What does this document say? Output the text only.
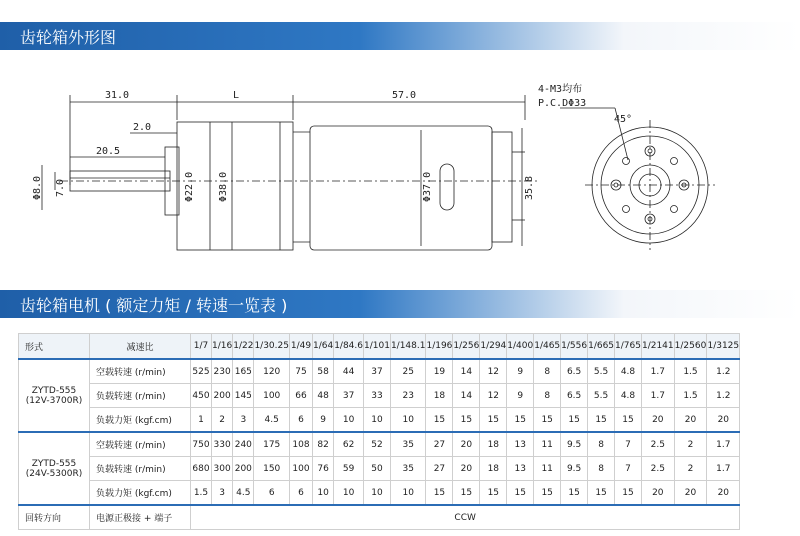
齿轮箱外形图
31.0	L	57.0
2.0
20.5
Φ8.0 7.0	Φ22.0 Φ38.0	Φ37.0	35.8
4-M3均布
P.C.DΦ33
45°
齿轮箱电机 ( 额定力矩 / 转速一览表 )
形式	减速比	1/7	1/16	1/22	1/30.25	1/49	1/64	1/84.6	1/101	1/148.1	1/196	1/256	1/294	1/400	1/465	1/556	1/665	1/765	1/2141	1/2560	1/3125

ZYTD-555
(12V-3700R)	空载转速 (r/min)	525	230	165	120	75	58	44	37	25	19	14	12	9	8	6.5	5.5	4.8	1.7	1.5	1.2
	负载转速 (r/min)	450	200	145	100	66	48	37	33	23	18	14	12	9	8	6.5	5.5	4.8	1.7	1.5	1.2
	负载力矩 (kgf.cm)	1	2	3	4.5	6	9	10	10	10	15	15	15	15	15	15	15	15	20	20	20

ZYTD-555
(24V-5300R)	空载转速 (r/min)	750	330	240	175	108	82	62	52	35	27	20	18	13	11	9.5	8	7	2.5	2	1.7
	负载转速 (r/min)	680	300	200	150	100	76	59	50	35	27	20	18	13	11	9.5	8	7	2.5	2	1.7
	负载力矩 (kgf.cm)	1.5	3	4.5	6	6	10	10	10	10	15	15	15	15	15	15	15	15	20	20	20
回转方向	电源正极接 + 端子	CCW																			
